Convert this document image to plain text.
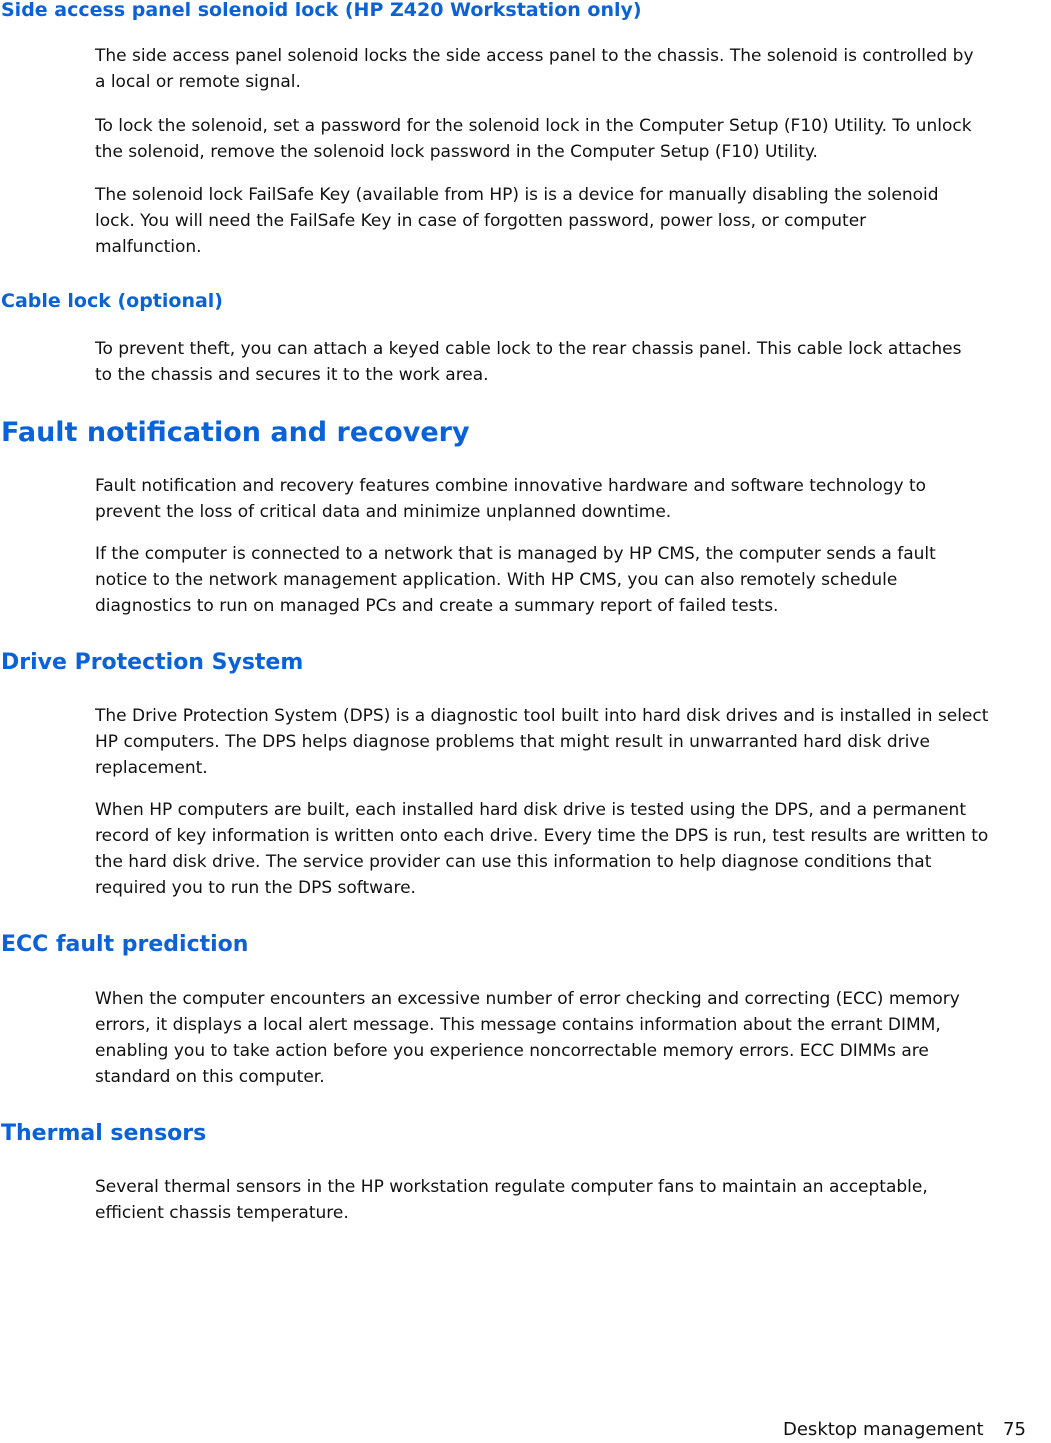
Side access panel solenoid lock (HP Z420 Workstation only)

The side access panel solenoid locks the side access panel to the chassis. The solenoid is controlled by
a local or remote signal.

To lock the solenoid, set a password for the solenoid lock in the Computer Setup (F10) Utility. To unlock
the solenoid, remove the solenoid lock password in the Computer Setup (F10) Utility.

The solenoid lock FailSafe Key (available from HP) is is a device for manually disabling the solenoid
lock. You will need the FailSafe Key in case of forgotten password, power loss, or computer
malfunction.

Cable lock (optional)

To prevent theft, you can attach a keyed cable lock to the rear chassis panel. This cable lock attaches
to the chassis and secures it to the work area.

Fault notification and recovery

Fault notification and recovery features combine innovative hardware and software technology to
prevent the loss of critical data and minimize unplanned downtime.

If the computer is connected to a network that is managed by HP CMS, the computer sends a fault
notice to the network management application. With HP CMS, you can also remotely schedule
diagnostics to run on managed PCs and create a summary report of failed tests.

Drive Protection System

The Drive Protection System (DPS) is a diagnostic tool built into hard disk drives and is installed in select
HP computers. The DPS helps diagnose problems that might result in unwarranted hard disk drive
replacement.

When HP computers are built, each installed hard disk drive is tested using the DPS, and a permanent
record of key information is written onto each drive. Every time the DPS is run, test results are written to
the hard disk drive. The service provider can use this information to help diagnose conditions that
required you to run the DPS software.

ECC fault prediction

When the computer encounters an excessive number of error checking and correcting (ECC) memory
errors, it displays a local alert message. This message contains information about the errant DIMM,
enabling you to take action before you experience noncorrectable memory errors. ECC DIMMs are
standard on this computer.

Thermal sensors

Several thermal sensors in the HP workstation regulate computer fans to maintain an acceptable,
efficient chassis temperature.

Desktop management 75
